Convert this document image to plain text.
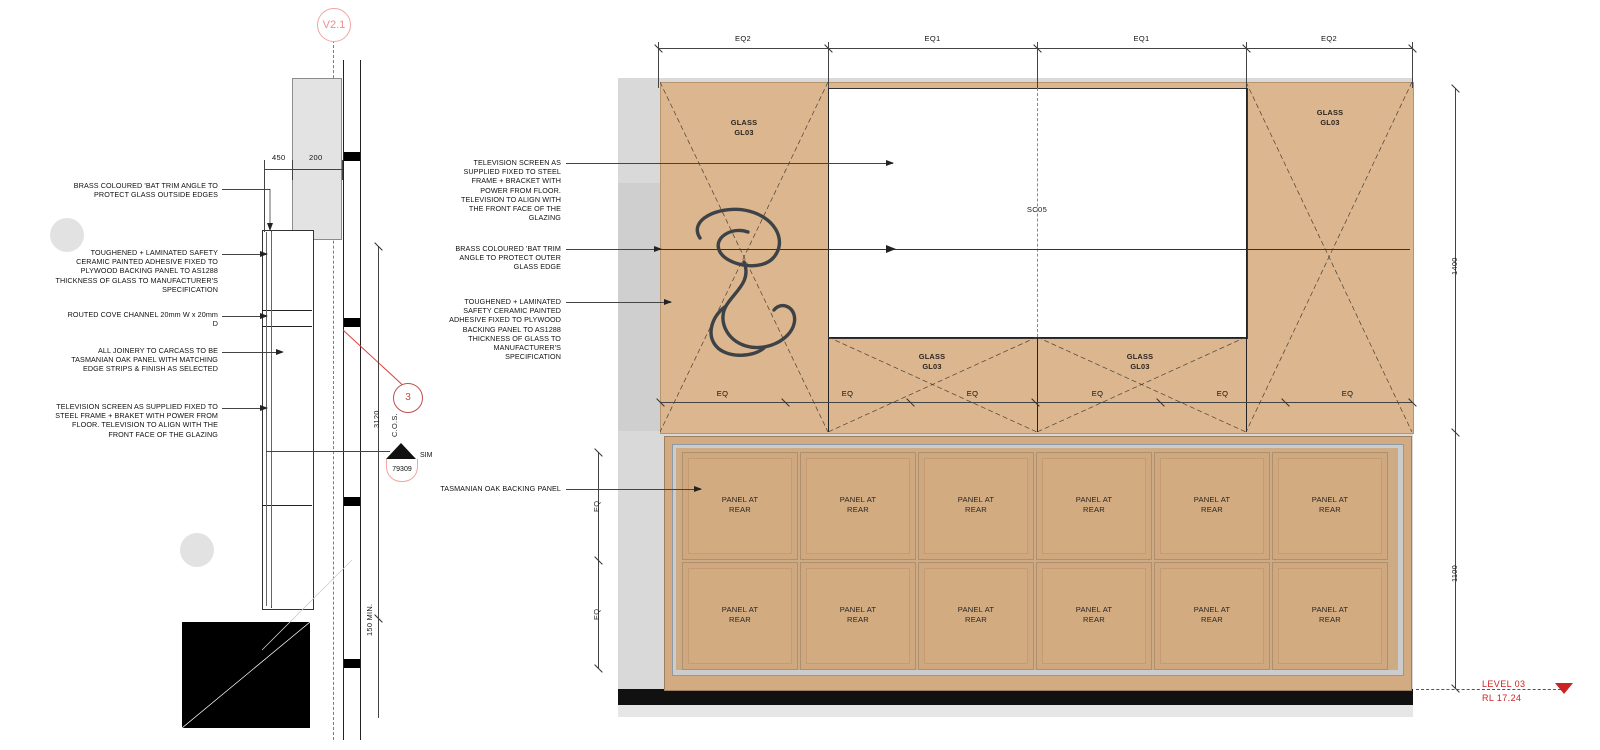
V2.1
3
79309
SIM
450	200
3120 C.O.S.
150 MIN.
BRASS COLOURED 'BAT TRIM ANGLE TO PROTECT GLASS OUTSIDE EDGES
TOUGHENED + LAMINATED SAFETY CERAMIC PAINTED ADHESIVE FIXED TO PLYWOOD BACKING PANEL TO AS1288 THICKNESS OF GLASS TO MANUFACTURER'S SPECIFICATION
ROUTED COVE CHANNEL 20mm W x 20mm D
ALL JOINERY TO CARCASS TO BE TASMANIAN OAK PANEL WITH MATCHING EDGE STRIPS & FINISH AS SELECTED
TELEVISION SCREEN AS SUPPLIED FIXED TO STEEL FRAME + BRAKET WITH POWER FROM FLOOR. TELEVISION TO ALIGN WITH THE FRONT FACE OF THE GLAZING
SC05
GLASS
GL03
GLASS
GL03
GLASS
GL03
GLASS
GL03
PANEL AT
REAR
PANEL AT
REAR
PANEL AT
REAR
PANEL AT
REAR
PANEL AT
REAR
PANEL AT
REAR
PANEL AT
REAR
PANEL AT
REAR
PANEL AT
REAR
PANEL AT
REAR
PANEL AT
REAR
PANEL AT
REAR
EQ2	EQ1	EQ1	EQ2
EQ	EQ	EQ	EQ	EQ	EQ
1400
1100
EQ
EQ
LEVEL 03
RL 17.24
TELEVISION SCREEN AS SUPPLIED FIXED TO STEEL FRAME + BRACKET WITH POWER FROM FLOOR. TELEVISION TO ALIGN WITH THE FRONT FACE OF THE GLAZING
BRASS COLOURED 'BAT TRIM ANGLE TO PROTECT OUTER GLASS EDGE
TOUGHENED + LAMINATED SAFETY CERAMIC PAINTED ADHESIVE FIXED TO PLYWOOD BACKING PANEL TO AS1288 THICKNESS OF GLASS TO MANUFACTURER'S SPECIFICATION
TASMANIAN OAK BACKING PANEL
